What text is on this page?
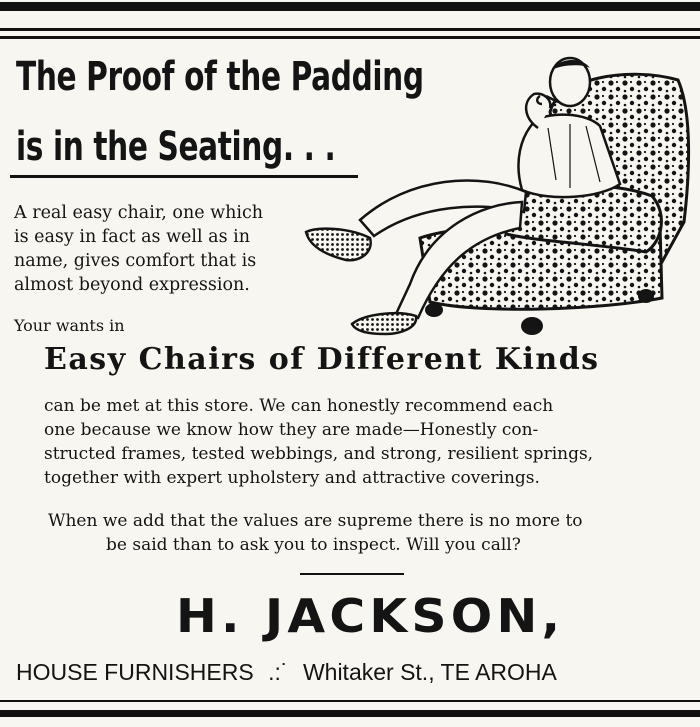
The Proof of the Padding
is in the Seating. . .

A real easy chair, one which

is easy in fact as well as in

name, gives comfort that is

almost beyond expression.

Your wants in

Easy Chairs of Different Kinds

can be met at this store. We can honestly recommend each

one because we know how they are made—Honestly con-

structed frames, tested webbings, and strong, resilient springs,

together with expert upholstery and attractive coverings.

When we add that the values are supreme there is no more to

be said than to ask you to inspect. Will you call?

H. JACKSON,

HOUSE FURNISHERS .:˙ Whitaker St., TE AROHA
